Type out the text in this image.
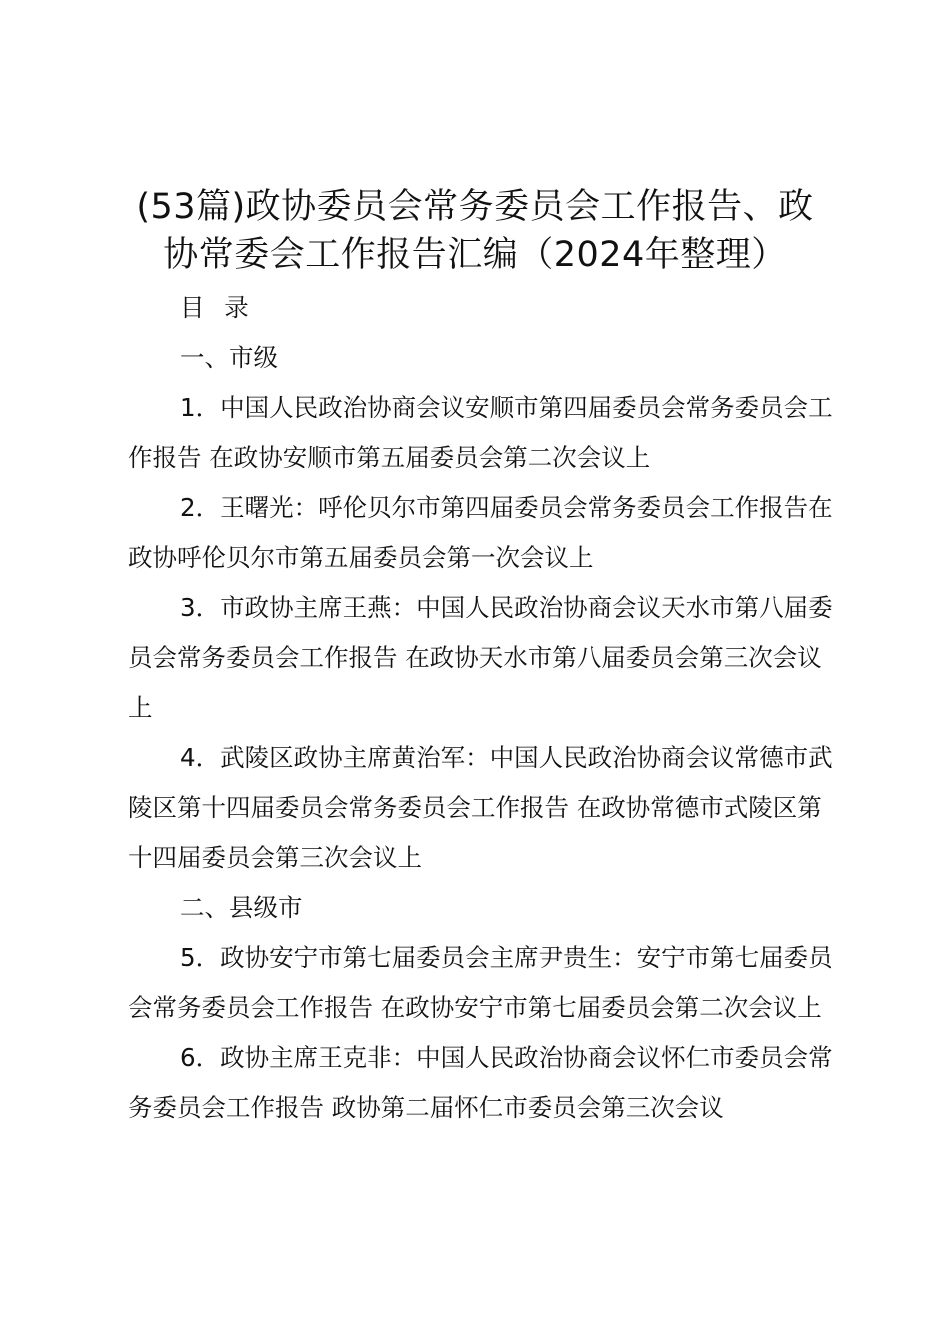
(53篇)政协委员会常务委员会工作报告、政
协常委会工作报告汇编（2024年整理）

目 录

一、市级

1．中国人民政治协商会议安顺市第四届委员会常务委员会工作报告 在政协安顺市第五届委员会第二次会议上

2．王曙光：呼伦贝尔市第四届委员会常务委员会工作报告在政协呼伦贝尔市第五届委员会第一次会议上

3．市政协主席王燕：中国人民政治协商会议天水市第八届委员会常务委员会工作报告 在政协天水市第八届委员会第三次会议上

4．武陵区政协主席黄治军：中国人民政治协商会议常德市武陵区第十四届委员会常务委员会工作报告 在政协常德市式陵区第十四届委员会第三次会议上

二、县级市

5．政协安宁市第七届委员会主席尹贵生：安宁市第七届委员会常务委员会工作报告 在政协安宁市第七届委员会第二次会议上

6．政协主席王克非：中国人民政治协商会议怀仁市委员会常务委员会工作报告 政协第二届怀仁市委员会第三次会议
